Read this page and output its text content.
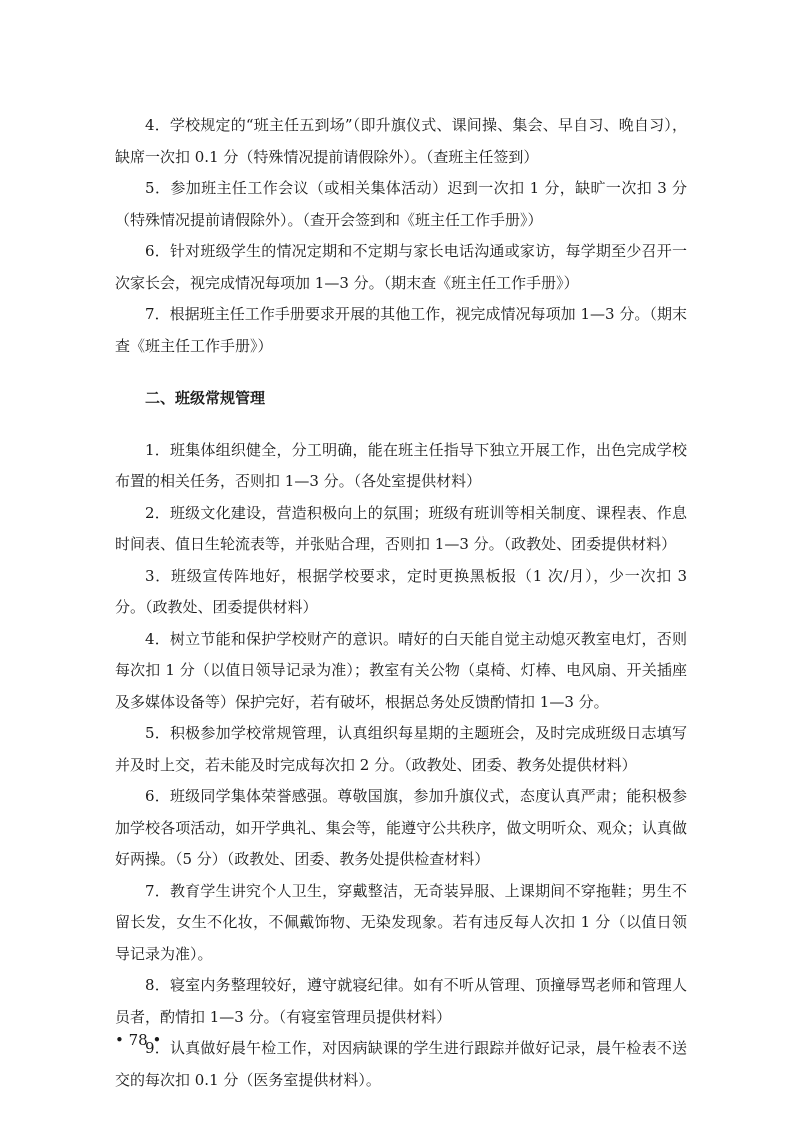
4．学校规定的“班主任五到场”（即升旗仪式、课间操、集会、早自习、晚自习），缺席一次扣 0.1 分（特殊情况提前请假除外）。（查班主任签到）

5．参加班主任工作会议（或相关集体活动）迟到一次扣 1 分，缺旷一次扣 3 分（特殊情况提前请假除外）。（查开会签到和《班主任工作手册》）

6．针对班级学生的情况定期和不定期与家长电话沟通或家访，每学期至少召开一次家长会，视完成情况每项加 1—3 分。（期末查《班主任工作手册》）

7．根据班主任工作手册要求开展的其他工作，视完成情况每项加 1—3 分。（期末查《班主任工作手册》）

二、班级常规管理

1．班集体组织健全，分工明确，能在班主任指导下独立开展工作，出色完成学校布置的相关任务，否则扣 1—3 分。（各处室提供材料）

2．班级文化建设，营造积极向上的氛围；班级有班训等相关制度、课程表、作息时间表、值日生轮流表等，并张贴合理，否则扣 1—3 分。（政教处、团委提供材料）

3．班级宣传阵地好，根据学校要求，定时更换黑板报（1 次/月），少一次扣 3 分。（政教处、团委提供材料）

4．树立节能和保护学校财产的意识。晴好的白天能自觉主动熄灭教室电灯，否则每次扣 1 分（以值日领导记录为准）；教室有关公物（桌椅、灯棒、电风扇、开关插座及多媒体设备等）保护完好，若有破坏，根据总务处反馈酌情扣 1—3 分。

5．积极参加学校常规管理，认真组织每星期的主题班会，及时完成班级日志填写并及时上交，若未能及时完成每次扣 2 分。（政教处、团委、教务处提供材料）

6．班级同学集体荣誉感强。尊敬国旗，参加升旗仪式，态度认真严肃；能积极参加学校各项活动，如开学典礼、集会等，能遵守公共秩序，做文明听众、观众；认真做好两操。（5 分）（政教处、团委、教务处提供检查材料）

7．教育学生讲究个人卫生，穿戴整洁，无奇装异服、上课期间不穿拖鞋；男生不留长发，女生不化妆，不佩戴饰物、无染发现象。若有违反每人次扣 1 分（以值日领导记录为准）。

8．寝室内务整理较好，遵守就寝纪律。如有不听从管理、顶撞辱骂老师和管理人员者，酌情扣 1—3 分。（有寝室管理员提供材料）

9．认真做好晨午检工作，对因病缺课的学生进行跟踪并做好记录，晨午检表不送交的每次扣 0.1 分（医务室提供材料）。

• 78 •
